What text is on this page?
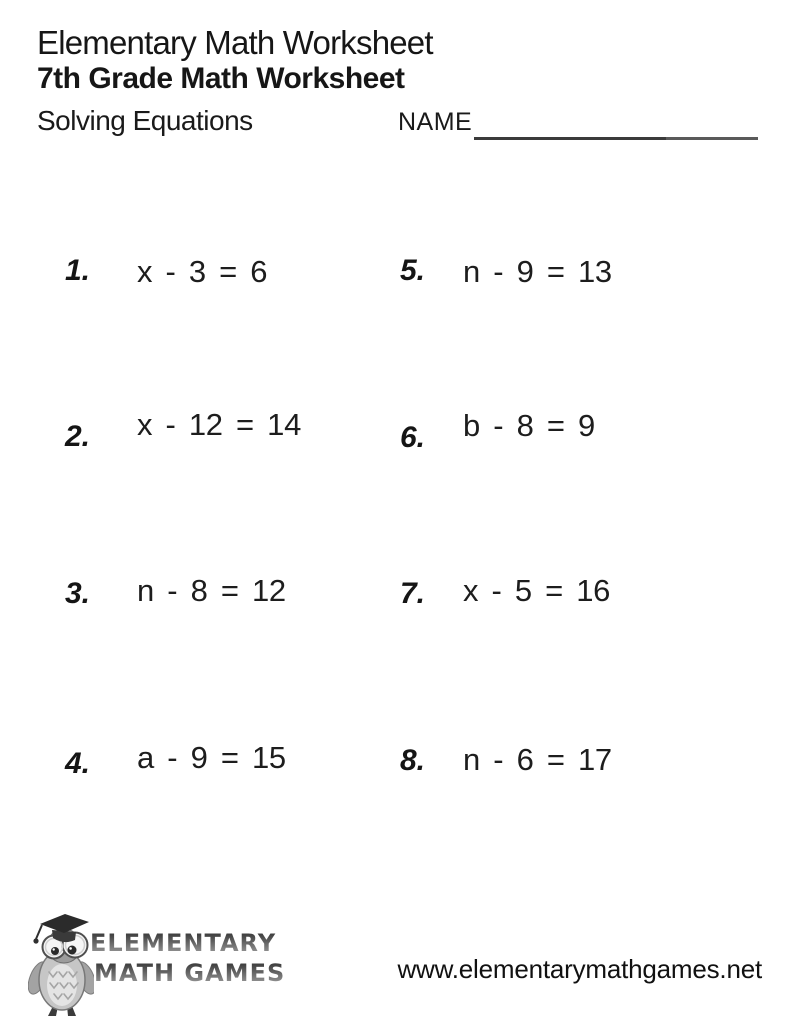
Elementary Math Worksheet
7th Grade Math Worksheet
Solving Equations	NAME
1. x - 3 = 6
2. x - 12 = 14
3. n - 8 = 12
4. a - 9 = 15
5. n - 9 = 13
6. b - 8 = 9
7. x - 5 = 16
8. n - 6 = 17
ELEMENTARY
MATH GAMES	www.elementarymathgames.net
